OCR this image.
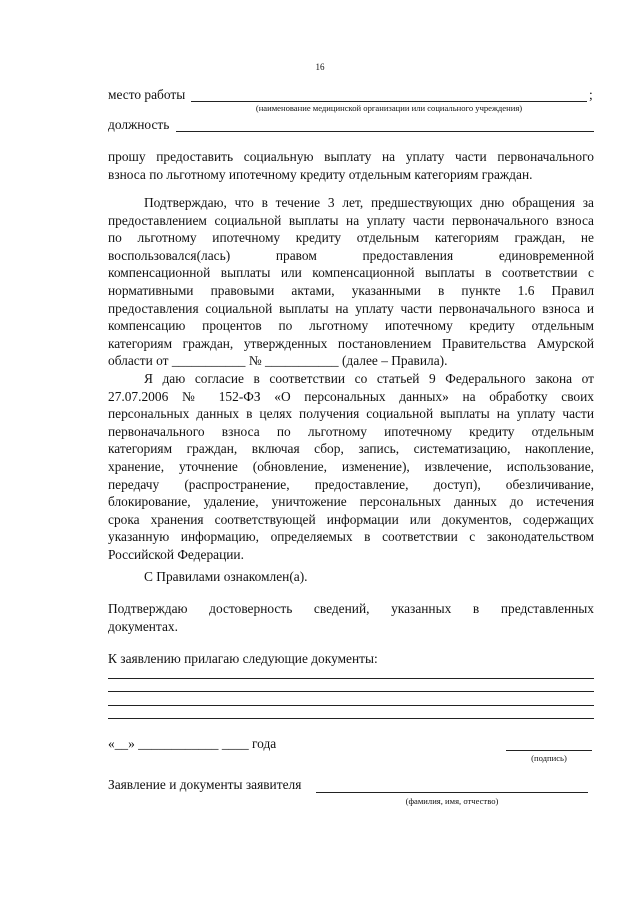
16
место работы	;
(наименование медицинской организации или социального учреждения)
должность
прошу предоставить социальную выплату на уплату части первоначального
взноса по льготному ипотечному кредиту отдельным категориям граждан.
Подтверждаю, что в течение 3 лет, предшествующих дню обращения за
предоставлением социальной выплаты на уплату части первоначального взноса
по льготному ипотечному кредиту отдельным категориям граждан, не
воспользовался(лась) правом предоставления единовременной
компенсационной выплаты или компенсационной выплаты в соответствии с
нормативными правовыми актами, указанными в пункте 1.6 Правил
предоставления социальной выплаты на уплату части первоначального взноса и
компенсацию процентов по льготному ипотечному кредиту отдельным
категориям граждан, утвержденных постановлением Правительства Амурской
области от ___________ № ___________ (далее – Правила).
Я даю согласие в соответствии со статьей 9 Федерального закона от
27.07.2006 № 152-ФЗ «О персональных данных» на обработку своих
персональных данных в целях получения социальной выплаты на уплату части
первоначального взноса по льготному ипотечному кредиту отдельным
категориям граждан, включая сбор, запись, систематизацию, накопление,
хранение, уточнение (обновление, изменение), извлечение, использование,
передачу (распространение, предоставление, доступ), обезличивание,
блокирование, удаление, уничтожение персональных данных до истечения
срока хранения соответствующей информации или документов, содержащих
указанную информацию, определяемых в соответствии с законодательством
Российской Федерации.
С Правилами ознакомлен(а).
Подтверждаю достоверность сведений, указанных в представленных
документах.
К заявлению прилагаю следующие документы:
«__» ____________ ____ года
(подпись)
Заявление и документы заявителя
(фамилия, имя, отчество)
